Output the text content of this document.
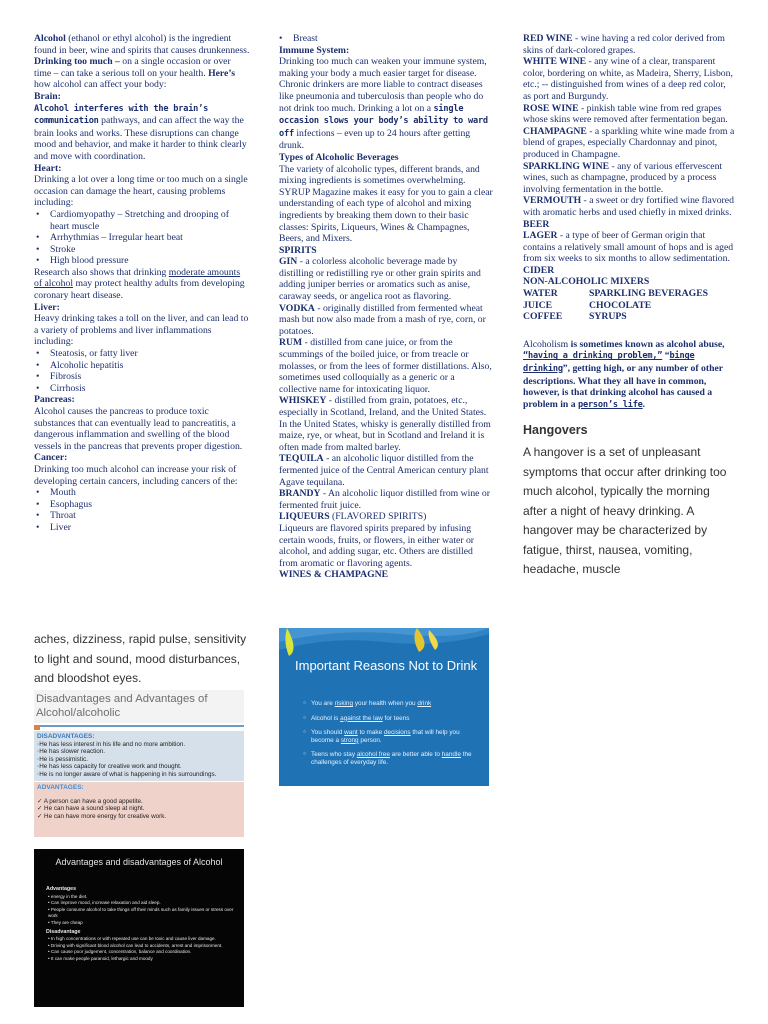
Alcohol (ethanol or ethyl alcohol) is the ingredient found in beer, wine and spirits that causes drunkenness.

Drinking too much – on a single occasion or over time – can take a serious toll on your health. Here’s how alcohol can affect your body:

Brain:

Alcohol interferes with the brain’s communication pathways, and can affect the way the brain looks and works. These disruptions can change mood and behavior, and make it harder to think clearly and move with coordination.

Heart:

Drinking a lot over a long time or too much on a single occasion can damage the heart, causing problems including:

• Cardiomyopathy – Stretching and drooping of heart muscle
• Arrhythmias – Irregular heart beat
• Stroke
• High blood pressure

Research also shows that drinking moderate amounts of alcohol may protect healthy adults from developing coronary heart disease.

Liver:

Heavy drinking takes a toll on the liver, and can lead to a variety of problems and liver inflammations including:

• Steatosis, or fatty liver
• Alcoholic hepatitis
• Fibrosis
• Cirrhosis

Pancreas:

Alcohol causes the pancreas to produce toxic substances that can eventually lead to pancreatitis, a dangerous inflammation and swelling of the blood vessels in the pancreas that prevents proper digestion.

Cancer:

Drinking too much alcohol can increase your risk of developing certain cancers, including cancers of the:

• Mouth
• Esophagus
• Throat
• Liver
• Breast

Immune System:

Drinking too much can weaken your immune system, making your body a much easier target for disease. Chronic drinkers are more liable to contract diseases like pneumonia and tuberculosis than people who do not drink too much. Drinking a lot on a single occasion slows your body’s ability to ward off infections – even up to 24 hours after getting drunk.

Types of Alcoholic Beverages

The variety of alcoholic types, different brands, and mixing ingredients is sometimes overwhelming. SYRUP Magazine makes it easy for you to gain a clear understanding of each type of alcohol and mixing ingredients by breaking them down to their basic classes: Spirits, Liqueurs, Wines & Champagnes, Beers, and Mixers.

SPIRITS

GIN - a colorless alcoholic beverage made by distilling or redistilling rye or other grain spirits and adding juniper berries or aromatics such as anise, caraway seeds, or angelica root as flavoring.

VODKA - originally distilled from fermented wheat mash but now also made from a mash of rye, corn, or potatoes.

RUM - distilled from cane juice, or from the scummings of the boiled juice, or from treacle or molasses, or from the lees of former distillations. Also, sometimes used colloquially as a generic or a collective name for intoxicating liquor.

WHISKEY - distilled from grain, potatoes, etc., especially in Scotland, Ireland, and the United States. In the United States, whisky is generally distilled from maize, rye, or wheat, but in Scotland and Ireland it is often made from malted barley.

TEQUILA - an alcoholic liquor distilled from the fermented juice of the Central American century plant Agave tequilana.

BRANDY - An alcoholic liquor distilled from wine or fermented fruit juice.

LIQUEURS (FLAVORED SPIRITS)

Liqueurs are flavored spirits prepared by infusing certain woods, fruits, or flowers, in either water or alcohol, and adding sugar, etc. Others are distilled from aromatic or flavoring agents.

WINES & CHAMPAGNE

RED WINE - wine having a red color derived from skins of dark-colored grapes.

WHITE WINE - any wine of a clear, transparent color, bordering on white, as Madeira, Sherry, Lisbon, etc.; -- distinguished from wines of a deep red color, as port and Burgundy.

ROSE WINE - pinkish table wine from red grapes whose skins were removed after fermentation began.

CHAMPAGNE - a sparkling white wine made from a blend of grapes, especially Chardonnay and pinot, produced in Champagne.

SPARKLING WINE - any of various effervescent wines, such as champagne, produced by a process involving fermentation in the bottle.

VERMOUTH - a sweet or dry fortified wine flavored with aromatic herbs and used chiefly in mixed drinks.

BEER

LAGER - a type of beer of German origin that contains a relatively small amount of hops and is aged from six weeks to six months to allow sedimentation.

CIDER

NON-ALCOHOLIC MIXERS

WATER	SPARKLING BEVERAGES
JUICE	CHOCOLATE
COFFEE	SYRUPS

Alcoholism is sometimes known as alcohol abuse, “having a drinking problem,” “binge drinking”, getting high, or any number of other descriptions. What they all have in common, however, is that drinking alcohol has caused a problem in a person’s life.

Hangovers

A hangover is a set of unpleasant symptoms that occur after drinking too much alcohol, typically the morning after a night of heavy drinking. A hangover may be characterized by fatigue, thirst, nausea, vomiting, headache, muscle

aches, dizziness, rapid pulse, sensitivity to light and sound, mood disturbances, and bloodshot eyes.
Disadvantages and Advantages of Alcohol/alcoholic
DISADVANTAGES:
◦ He has less interest in his life and no more ambition.
◦ He has slower reaction.
◦ He is pessimistic.
◦ He has less capacity for creative work and thought.
◦ He is no longer aware of what is happening in his surroundings.
ADVANTAGES:
✓ A person can have a good appetite.
✓ He can have a sound sleep at night.
✓ He can have more energy for creative work.
Important Reasons Not to Drink
○ You are risking your health when you drink
○ Alcohol is against the law for teens
○ You should want to make decisions that will help you become a strong person.
○ Teens who stay alcohol free are better able to handle the challenges of everyday life.
Advantages and disadvantages of Alcohol
Advantages
• energy in the diet.
• Can improve mood, increase relaxation and aid sleep.
• People consume alcohol to take things off their minds such as family issues or stress over work
• They are cheap
Disadvantage
• In high concentrations or with repeated use can be toxic and cause liver damage.
• Driving with significant blood alcohol can lead to accidents, arrest and imprisonment.
• Can cause poor judgement, concentration, balance and coordination.
• It can make people paranoid, lethargic and moody
